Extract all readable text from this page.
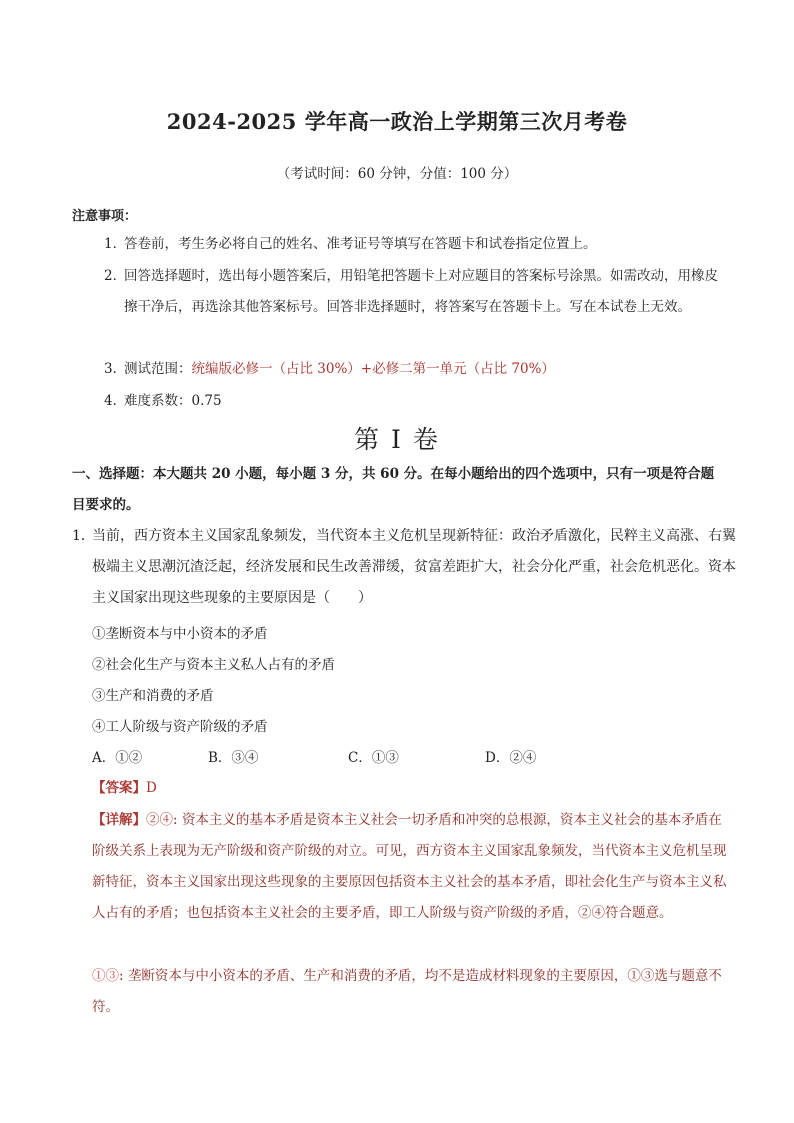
2024-2025 学年高一政治上学期第三次月考卷
（考试时间：60 分钟，分值：100 分）
注意事项：
1．
答卷前，考生务必将自己的姓名、准考证号等填写在答题卡和试卷指定位置上。
2．
回答选择题时，选出每小题答案后，用铅笔把答题卡上对应题目的答案标号涂黑。如需改动，用橡皮擦干净后，再选涂其他答案标号。回答非选择题时，将答案写在答题卡上。写在本试卷上无效。
3．
测试范围：统编版必修一（占比 30%）+必修二第一单元（占比 70%）
4．
难度系数：0.75
第 I 卷
一、选择题：本大题共 20 小题，每小题 3 分，共 60 分。在每小题给出的四个选项中，只有一项是符合题目要求的。
1．
当前，西方资本主义国家乱象频发，当代资本主义危机呈现新特征：政治矛盾激化，民粹主义高涨、右翼极端主义思潮沉渣泛起，经济发展和民生改善滞缓，贫富差距扩大，社会分化严重，社会危机恶化。资本主义国家出现这些现象的主要原因是（　　）
①垄断资本与中小资本的矛盾
②社会化生产与资本主义私人占有的矛盾
③生产和消费的矛盾
④工人阶级与资产阶级的矛盾
A．①②	B．③④	C．①③	D．②④
【答案】D
【详解】②④: 资本主义的基本矛盾是资本主义社会一切矛盾和冲突的总根源，资本主义社会的基本矛盾在阶级关系上表现为无产阶级和资产阶级的对立。可见，西方资本主义国家乱象频发，当代资本主义危机呈现新特征，资本主义国家出现这些现象的主要原因包括资本主义社会的基本矛盾，即社会化生产与资本主义私人占有的矛盾；也包括资本主义社会的主要矛盾，即工人阶级与资产阶级的矛盾，②④符合题意。
①③: 垄断资本与中小资本的矛盾、生产和消费的矛盾，均不是造成材料现象的主要原因，①③选与题意不符。
